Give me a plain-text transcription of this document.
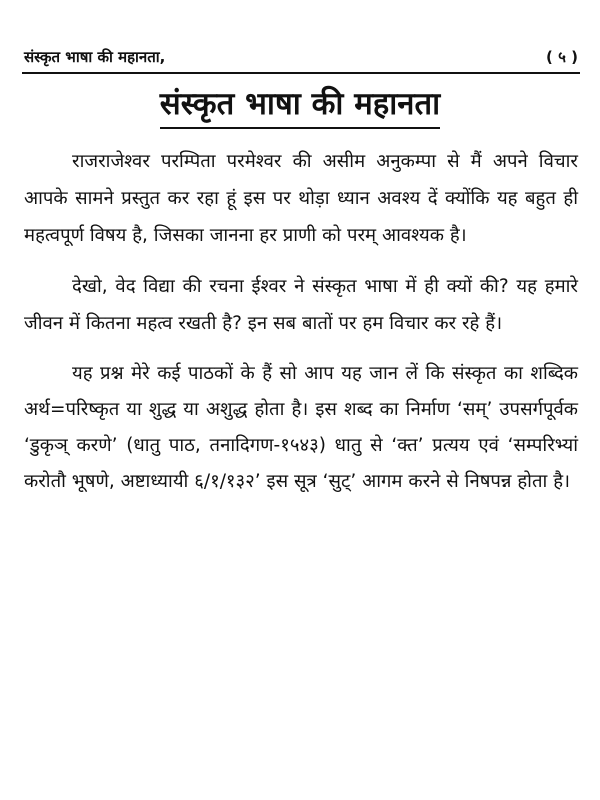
संस्कृत भाषा की महानता,	( ५ )
संस्कृत भाषा की महानता

राजराजेश्वर परम्पिता परमेश्वर की असीम अनुकम्पा से मैं अपने विचार आपके सामने प्रस्तुत कर रहा हूं इस पर थोड़ा ध्यान अवश्य दें क्योंकि यह बहुत ही महत्वपूर्ण विषय है, जिसका जानना हर प्राणी को परम् आवश्यक है।

देखो, वेद विद्या की रचना ईश्वर ने संस्कृत भाषा में ही क्यों की? यह हमारे जीवन में कितना महत्व रखती है? इन सब बातों पर हम विचार कर रहे हैं।

यह प्रश्न मेरे कई पाठकों के हैं सो आप यह जान लें कि संस्कृत का शब्दिक अर्थ=परिष्कृत या शुद्ध या अशुद्ध होता है। इस शब्द का निर्माण ‘सम्’ उपसर्गपूर्वक ‘डुकृञ् करणे’ (धातु पाठ, तनादिगण-१५४३) धातु से ‘क्त’ प्रत्यय एवं ‘सम्परिभ्यां करोतौ भूषणे, अष्टाध्यायी ६/१/१३२’ इस सूत्र ‘सुट्’ आगम करने से निषपन्न होता है।
